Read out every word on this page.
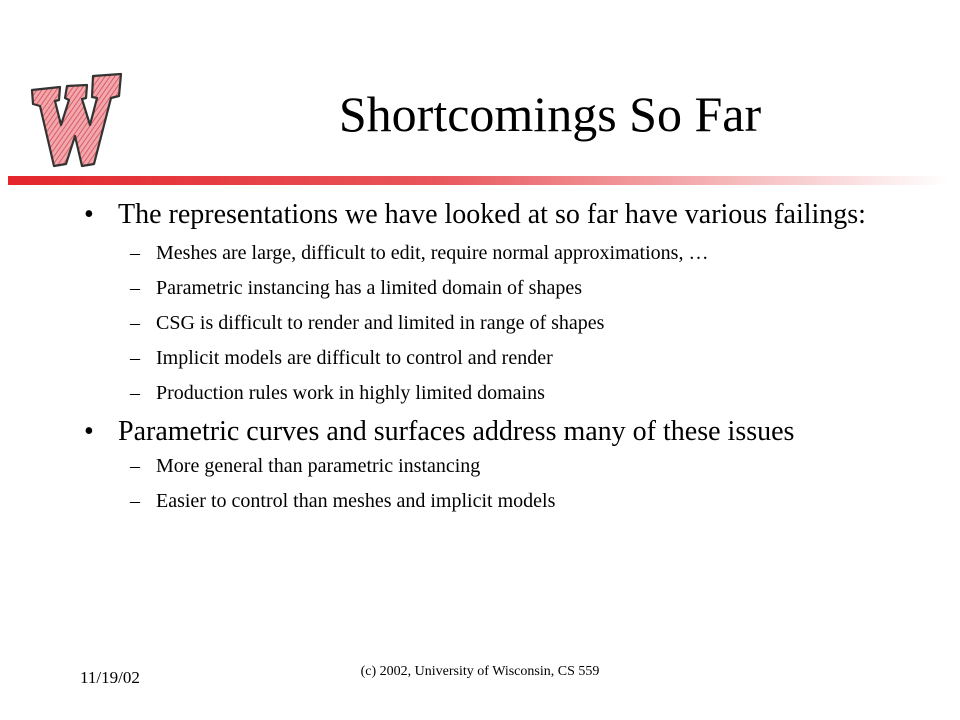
Shortcomings So Far
• The representations we have looked at so far have various failings:
– Meshes are large, difficult to edit, require normal approximations, …
– Parametric instancing has a limited domain of shapes
– CSG is difficult to render and limited in range of shapes
– Implicit models are difficult to control and render
– Production rules work in highly limited domains
• Parametric curves and surfaces address many of these issues
– More general than parametric instancing
– Easier to control than meshes and implicit models
11/19/02	(c) 2002, University of Wisconsin, CS 559
